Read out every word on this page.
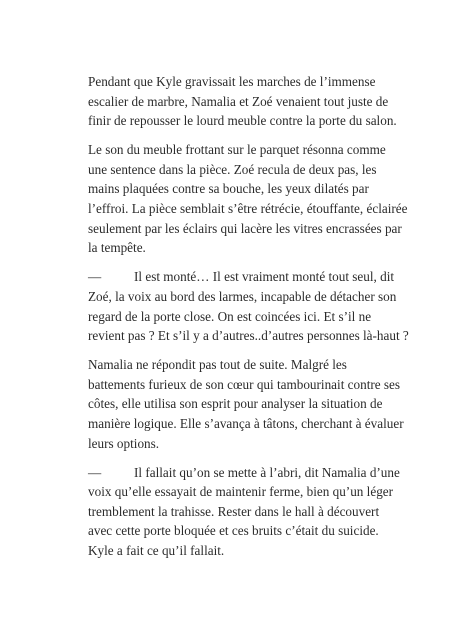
Pendant que Kyle gravissait les marches de l’immense
escalier de marbre, Namalia et Zoé venaient tout juste de
finir de repousser le lourd meuble contre la porte du salon.

Le son du meuble frottant sur le parquet résonna comme
une sentence dans la pièce. Zoé recula de deux pas, les
mains plaquées contre sa bouche, les yeux dilatés par
l’effroi. La pièce semblait s’être rétrécie, étouffante, éclairée
seulement par les éclairs qui lacère les vitres encrassées par
la tempête.

— Il est monté… Il est vraiment monté tout seul, dit
Zoé, la voix au bord des larmes, incapable de détacher son
regard de la porte close. On est coincées ici. Et s’il ne
revient pas ? Et s’il y a d’autres..d’autres personnes là-haut ?

Namalia ne répondit pas tout de suite. Malgré les
battements furieux de son cœur qui tambourinait contre ses
côtes, elle utilisa son esprit pour analyser la situation de
manière logique. Elle s’avança à tâtons, cherchant à évaluer
leurs options.

— Il fallait qu’on se mette à l’abri, dit Namalia d’une
voix qu’elle essayait de maintenir ferme, bien qu’un léger
tremblement la trahisse. Rester dans le hall à découvert
avec cette porte bloquée et ces bruits c’était du suicide.
Kyle a fait ce qu’il fallait.
